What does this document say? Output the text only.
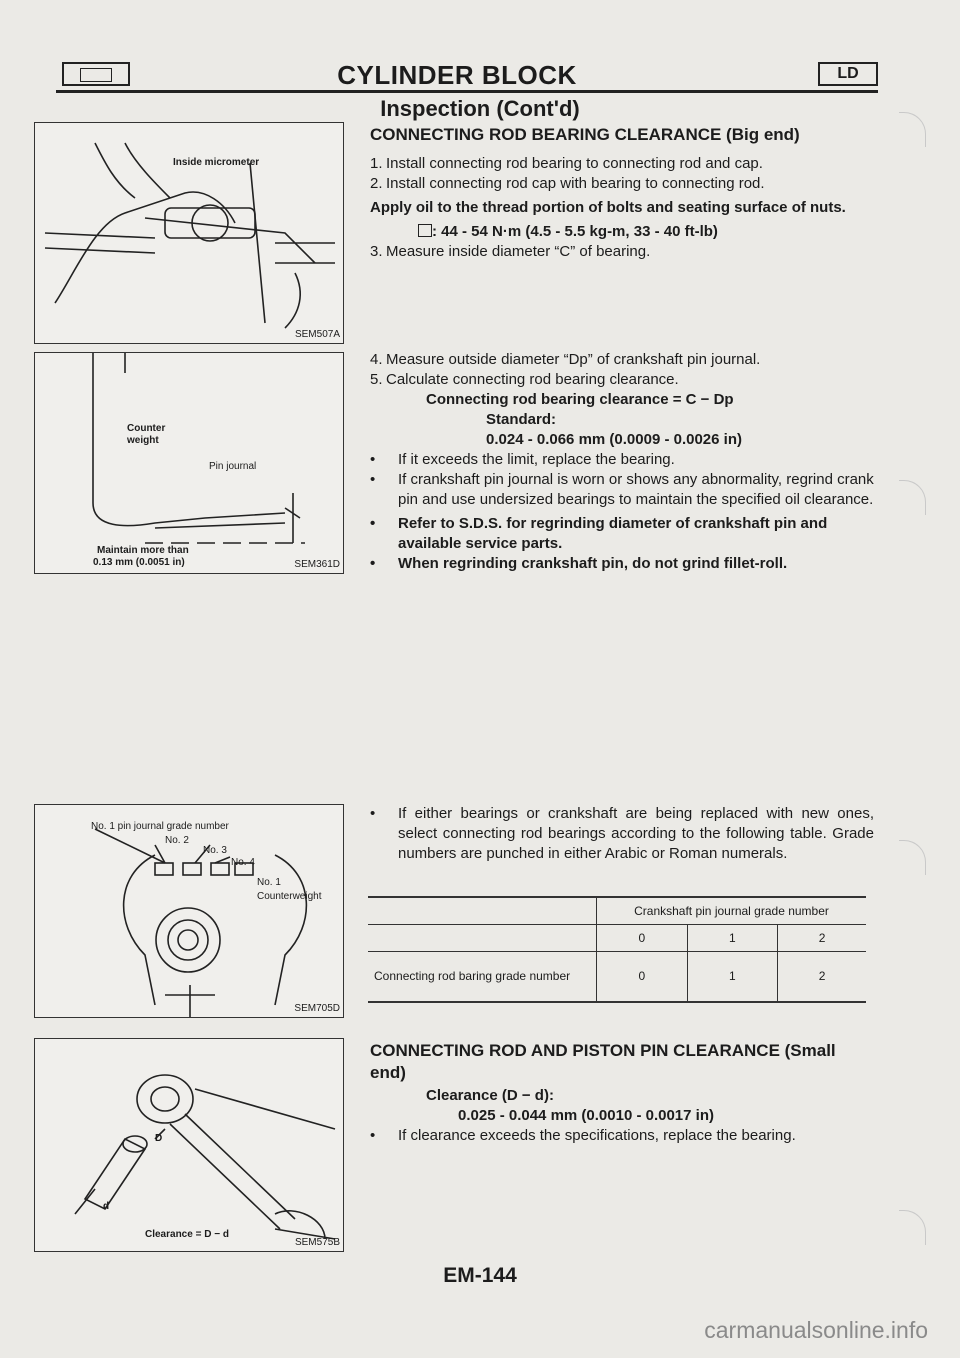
CYLINDER BLOCK	LD
Inspection (Cont'd)
Inside micrometer
SEM507A
Counter
weight
Pin journal
Maintain more than
0.13 mm (0.0051 in)	SEM361D
No. 1 pin journal grade number
No. 2
No. 3
No. 4
No. 1
Counterweight
SEM705D
D
d
Clearance = D − d
SEM575B
CONNECTING ROD BEARING CLEARANCE (Big end)
1. Install connecting rod bearing to connecting rod and cap.
2. Install connecting rod cap with bearing to connecting rod.

Apply oil to the thread portion of bolts and seating surface of nuts.

: 44 - 54 N·m (4.5 - 5.5 kg-m, 33 - 40 ft-lb)
3. Measure inside diameter “C” of bearing.
4. Measure outside diameter “Dp” of crankshaft pin journal.
5. Calculate connecting rod bearing clearance.
Connecting rod bearing clearance = C − Dp
Standard:
0.024 - 0.066 mm (0.0009 - 0.0026 in)
•	If it exceeds the limit, replace the bearing.
•	If crankshaft pin journal is worn or shows any abnormality, regrind crank pin and use undersized bearings to maintain the specified oil clearance.
•	Refer to S.D.S. for regrinding diameter of crankshaft pin and available service parts.
•	When regrinding crankshaft pin, do not grind fillet-roll.
•	If either bearings or crankshaft are being replaced with new ones, select connecting rod bearings according to the following table. Grade numbers are punched in either Arabic or Roman numerals.
	Crankshaft pin journal grade number		
	0	1	2
Connecting rod baring grade number	0	1	2
CONNECTING ROD AND PISTON PIN CLEARANCE (Small end)
Clearance (D − d):
0.025 - 0.044 mm (0.0010 - 0.0017 in)
•	If clearance exceeds the specifications, replace the bearing.
EM-144
carmanualsonline.info
